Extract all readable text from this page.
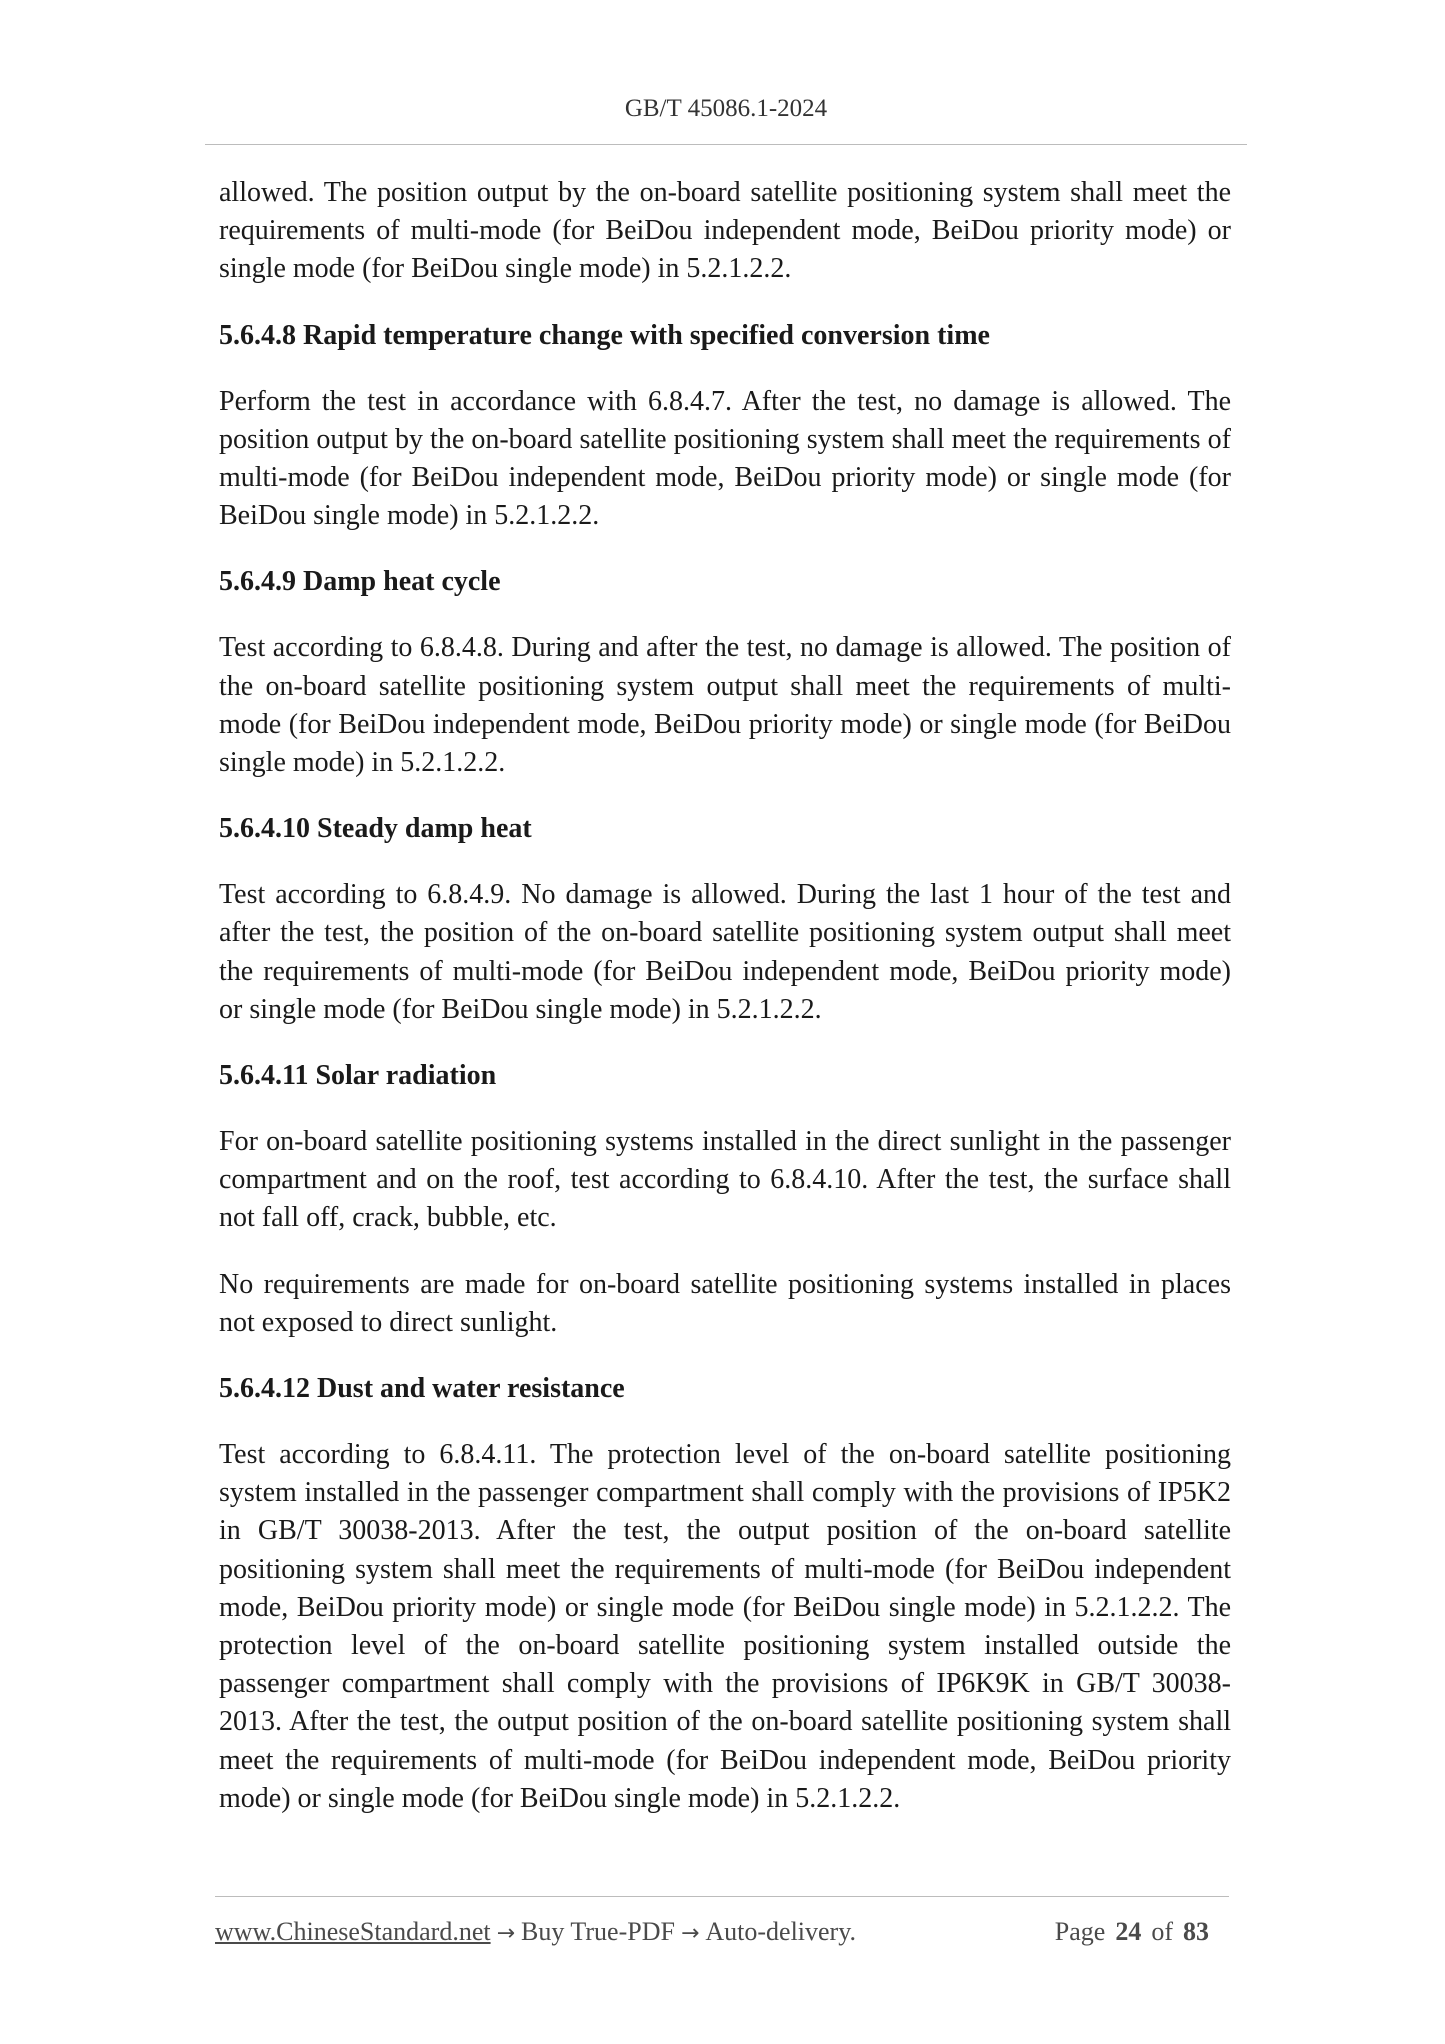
GB/T 45086.1-2024

allowed. The position output by the on-board satellite positioning system shall meet the requirements of multi-mode (for BeiDou independent mode, BeiDou priority mode) or single mode (for BeiDou single mode) in 5.2.1.2.2.

5.6.4.8 Rapid temperature change with specified conversion time

Perform the test in accordance with 6.8.4.7. After the test, no damage is allowed. The position output by the on-board satellite positioning system shall meet the requirements of multi-mode (for BeiDou independent mode, BeiDou priority mode) or single mode (for BeiDou single mode) in 5.2.1.2.2.

5.6.4.9 Damp heat cycle

Test according to 6.8.4.8. During and after the test, no damage is allowed. The position of the on-board satellite positioning system output shall meet the requirements of multi-mode (for BeiDou independent mode, BeiDou priority mode) or single mode (for BeiDou single mode) in 5.2.1.2.2.

5.6.4.10 Steady damp heat

Test according to 6.8.4.9. No damage is allowed. During the last 1 hour of the test and after the test, the position of the on-board satellite positioning system output shall meet the requirements of multi-mode (for BeiDou independent mode, BeiDou priority mode) or single mode (for BeiDou single mode) in 5.2.1.2.2.

5.6.4.11 Solar radiation

For on-board satellite positioning systems installed in the direct sunlight in the passenger compartment and on the roof, test according to 6.8.4.10. After the test, the surface shall not fall off, crack, bubble, etc.

No requirements are made for on-board satellite positioning systems installed in places not exposed to direct sunlight.

5.6.4.12 Dust and water resistance

Test according to 6.8.4.11. The protection level of the on-board satellite positioning system installed in the passenger compartment shall comply with the provisions of IP5K2 in GB/T 30038-2013. After the test, the output position of the on-board satellite positioning system shall meet the requirements of multi-mode (for BeiDou independent mode, BeiDou priority mode) or single mode (for BeiDou single mode) in 5.2.1.2.2. The protection level of the on-board satellite positioning system installed outside the passenger compartment shall comply with the provisions of IP6K9K in GB/T 30038-2013. After the test, the output position of the on-board satellite positioning system shall meet the requirements of multi-mode (for BeiDou independent mode, BeiDou priority mode) or single mode (for BeiDou single mode) in 5.2.1.2.2.

www.ChineseStandard.net → Buy True-PDF → Auto-delivery.	Page 24 of 83
